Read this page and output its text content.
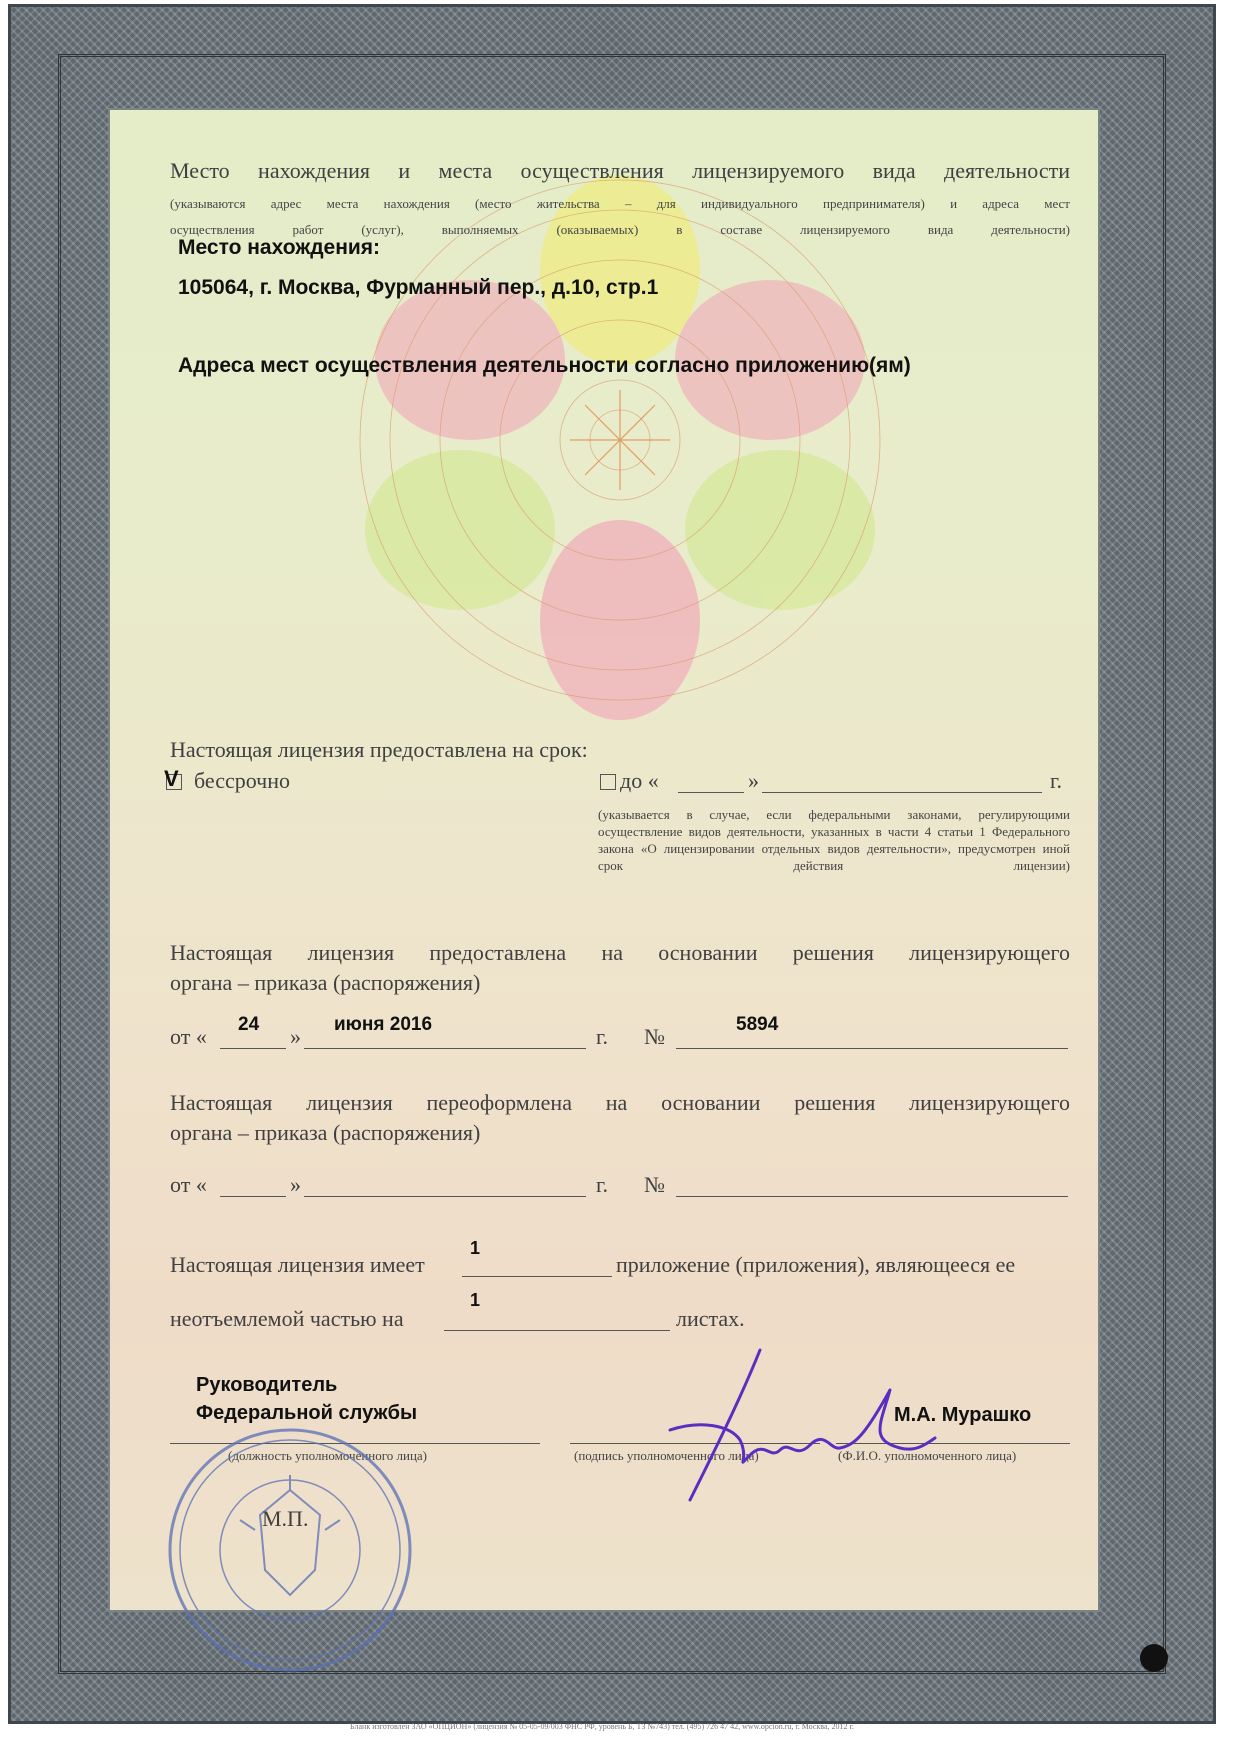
Место нахождения и места осуществления лицензируемого вида деятельности
(указываются адрес места нахождения (место жительства – для индивидуального предпринимателя) и адреса мест
осуществления работ (услуг), выполняемых (оказываемых) в составе лицензируемого вида деятельности)
Место нахождения:
105064, г. Москва, Фурманный пер., д.10, стр.1
Адреса мест осуществления деятельности согласно приложению(ям)
Настоящая лицензия предоставлена на срок:
V бессрочно	до «	»	г.
(указывается в случае, если федеральными законами, регулирующими осуществление видов деятельности, указанных в части 4 статьи 1 Федерального закона «О лицензировании отдельных видов деятельности», предусмотрен иной срок действия лицензии)
Настоящая лицензия предоставлена на основании решения лицензирующего
органа – приказа (распоряжения)
от « 24 » июня 2016	г. №	5894
Настоящая лицензия переоформлена на основании решения лицензирующего
органа – приказа (распоряжения)
от «	»	г. №
Настоящая лицензия имеет
1
приложение (приложения), являющееся ее
неотъемлемой частью на
1
листах.
Руководитель
Федеральной службы	М.А. Мурашко
(должность уполномоченного лица)	(подпись уполномоченного лица)	(Ф.И.О. уполномоченного лица)
М.П.
Бланк изготовлен ЗАО «ОПЦИОН» (лицензия № 05-05-09/003 ФНС РФ, уровень Б, ТЗ №743) тел. (495) 726 47 42, www.opcion.ru, г. Москва, 2012 г.
